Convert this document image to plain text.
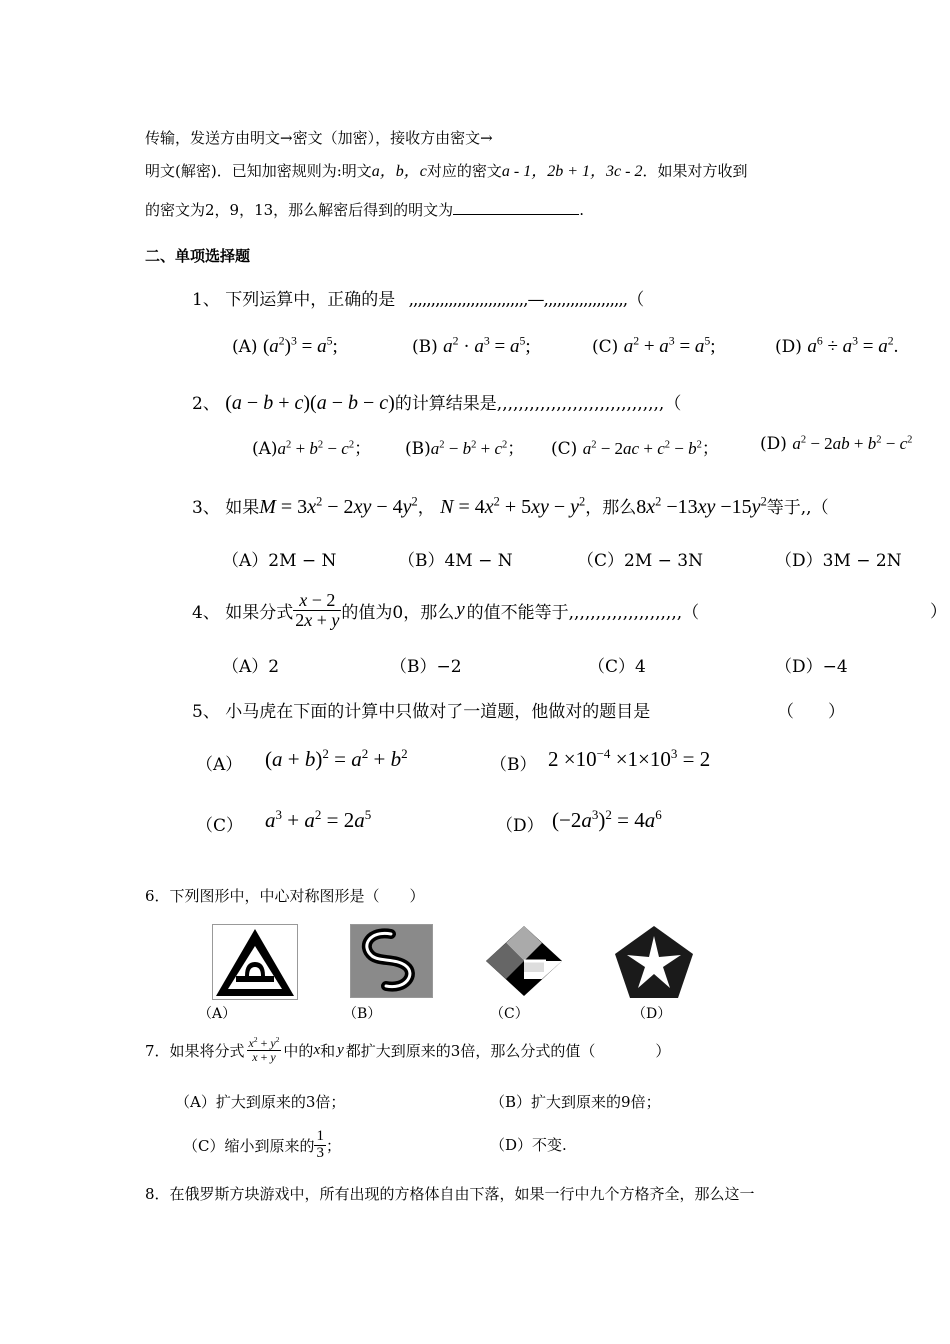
传输，发送方由明文→密文（加密），接收方由密文→
明文(解密)．已知加密规则为:明文a，b，c对应的密文a - 1，2b + 1，3c - 2．如果对方收到
的密文为2，9，13，那么解密后得到的明文为	.
二、单项选择题
1、 下列运算中，正确的是 ,,,,,,,,,,,,,,,,,,,,,,,,,,,—,,,,,,,,,,,,,,,,,,,（
(A) $(a^2)^3 = a^5$;	(B) $a^2 \cdot a^3 = a^5$;	(C) $a^2 + a^3 = a^5$;	(D) $a^6 \div a^3 = a^2$.
2、 (a − b + c)(a − b − c)的计算结果是,,,,,,,,,,,,,,,,,,,,,,,,,,,,,,,（
$(A)a^2 + b^2 - c^2$； $(B)a^2 - b^2 + c^2$； (C) $a^2 - 2ac + c^2 - b^2$； (D) $a^2 - 2ab + b^2 - c^2$
3、 如果$M = 3x^2 - 2xy - 4y^2$， $N = 4x^2 + 5xy - y^2$，那么$8x^2 -13xy -15y^2$等于,,（
（A）2M − N	（B）4M − N	（C）2M − 3N	（D）3M − 2N
4、 如果分式 $\frac{x - 2}{2x + y}$ 的值为0，那么 y 的值不能等于,,,,,,,,,,,,,,,,,,,,,（	）
（A）2	（B）−2	（C）4	（D）−4
5、 小马虎在下面的计算中只做对了一道题，他做对的题目是	（　　）
（A） $(a + b)^2 = a^2 + b^2$
（B） $2 \times 10^{-4} \times 1\times 10^3 = 2$
（C） $a^3 + a^2 = 2a^5$
（D） $(-2a^3)^2 = 4a^6$
6．下列图形中，中心对称图形是（　　）
（A）	（B）	（C）	（D）
7．如果将分式 $\frac{x^2 + y^2}{x + y}$ 中的 x 和 y 都扩大到原来的3倍，那么分式的值（　　　　）
（A）扩大到原来的3倍；	（B）扩大到原来的9倍；
（C）缩小到原来的 $\frac{1}{3}$ ；	（D）不变.
8．在俄罗斯方块游戏中，所有出现的方格体自由下落，如果一行中九个方格齐全，那么这一
